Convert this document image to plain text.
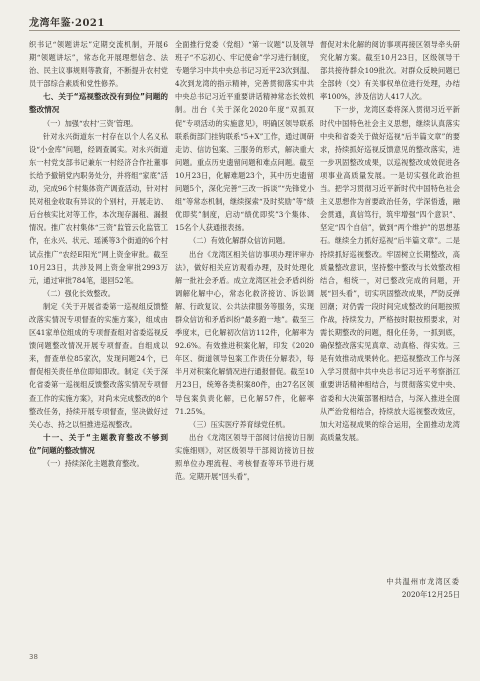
龙湾年鉴·2021

织书记“领题讲坛”定期交流机制，开展6期“领题讲坛”，常态化开展理想信念、法治、民主议事规则等教育，不断提升农村党员干部综合素质和党性修养。

七、关于“巡视整改没有到位”问题的整改情况
（一）加强“农村‘三资’管理。

针对永兴街道东一村存在以个人名义私设“小金库”问题，经调查属实。对永兴街道东一村党支部书记兼东一村经济合作社董事长给予撤销党内职务处分，并将组“家底”活动，完成96个村集体资产调查活动，针对村民对租金收取有异议的个别村，开展走访、后台核实比对等工作，本次现存漏租、漏报情况。推广农村集体“三资”监管云化监管工作，在永兴、状元、瑶溪等3个街道的6个村试点推广“农经E阳光”网上资金审批。截至10月23日，共涉及网上资金审批2993万元，通过审批784笔，退回52笔。

（二）强化长效整改。

制定《关于开展省委第一巡视组反馈整改落实情况专项督查的实施方案》，组成由区41家单位组成的专项督查组对省委巡视反馈问题整改情况开展专项督查。自组成以来，督查单位85家次，发现问题24个，已督促相关责任单位即知即改。制定《关于深化省委第一巡视组反馈整改落实情况专项督查工作的实施方案》，对尚未完成整改的8个整改任务，持续开展专项督查，坚决做好过关心态、持之以恒推进巡视整改。

十一、关于“主题教育整改不够到位”问题的整改情况
（一）持续深化主题教育整改。

全面推行党委（党组）“第一议题”以及领导班子“不忘初心、牢记使命”学习进行制度，专题学习中共中央总书记习近平23次到温、4次到龙湾的指示精神，完善贯彻落实中共中央总书记习近平重要讲话精神常态长效机制。出台《关于深化2020年度“双抓双促”专项活动的实施意见》，明确区领导联系联系街部门挂钩联系“5+X”工作，通过调研走访、信访包案、三服务的形式，解决重大问题。重点历史遗留问题和难点问题。截至10月23日，化解难题23个，其中历史遗留问题5个，深化完善“三改一拆谈”“先锋党小组”等常态机制，继续探索“及时奖励”等“绩优即奖”制度，启动“绩优即奖”3个集体、15名个人获通报表扬。

（二）有效化解群众信访问题。

出台《龙湾区相关信访事项办理评审办法》，做好相关应访观看办理，及时处理化解一批社会矛盾。成立龙湾区社会矛盾纠纷调解化解中心，常态化救济接访、诉讼调解、行政复议、公共法律服务等服务，实现群众信访和矛盾纠纷“最多跑一地”。截至三季度末，已化解初次信访112件，化解率为92.6%。有效推进积案化解，印发《2020年区、街道领导包案工作责任分解表》，每半月对积案化解情况进行通报督促。截至10月23日，统筹各类积案80件，由27名区领导包案负责化解，已化解57件，化解率71.25%。

（三）压实医疗养育绿党任机。

出台《龙湾区领导干部阅讨信接访日制实施细则》，对区级领导干部阅访接访日按照单位办理流程、考核督查等环节进行规范。定期开展“回头看”，

督促对未化解的阅访事项再接区领导牵头研究化解方案。截至10月23日，区级领导干部共接待群众109批次。对群众反映问题已全部转（交）有关事权单位进行处理，办结率100%，涉及信访人417人次。

下一步，龙湾区委将深入贯彻习近平新时代中国特色社会主义思想，继续认真落实中央和省委关于做好巡视“后半篇文章”的要求，持续抓好巡视反馈意见的整改落实，进一步巩固整改成果，以巡视整改成效促进各项事业高质量发展。一是切实强化政治担当。把学习贯彻习近平新时代中国特色社会主义思想作为首要政治任务，学深悟透，融会贯通，真信笃行，筑牢增强“四个意识”、坚定“四个自信”，做到“两个维护”的思想基石。继续全力抓好巡视“后半篇文章”。二是持续抓好巡视整改。牢固树立长期整改，高质量整改意识，坚持整中整改与长效整改相结合，相统一，对已整改完成的问题，开展“回头看”，切实巩固整改成果，严防反弹回潮；对仍需一段时间完成整改的问题按照作战，持续发力，严格按时限按照要求，对需长期整改的问题，细化任务，一抓到底，确保整改落实见真章、动真格、得实效。三是有效推动成果转化。把巡视整改工作与深入学习贯彻中共中央总书记习近平考察浙江重要讲话精神相结合，与贯彻落实党中央、省委和大决策部署相结合，与深入推进全面从严治党相结合，持续放大巡视整改效应，加大对巡视成果的综合运用，全面推动龙湾高质量发展。

中共温州市龙湾区委
2020年12月25日
38
